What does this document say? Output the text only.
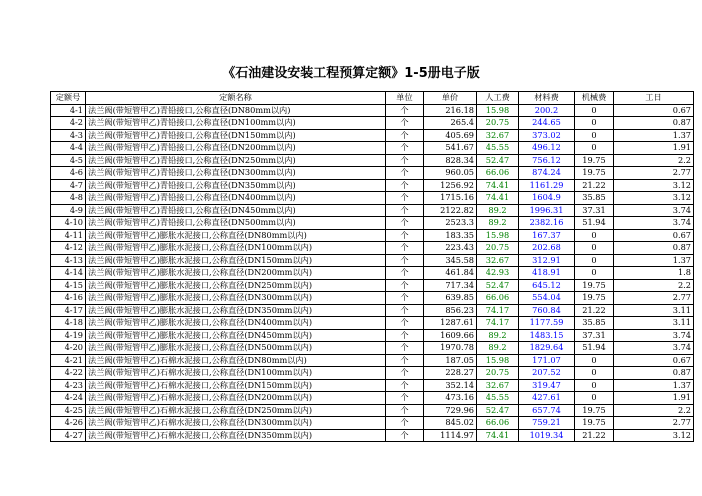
《石油建设安装工程预算定额》1-5册电子版
定额号	定额名称	单位	单价	人工费	材料费	机械费	工日
4-1	法兰阀(带短管甲乙)青铅接口,公称直径(DN80mm以内)	个	216.18	15.98	200.2	0	0.67
4-2	法兰阀(带短管甲乙)青铅接口,公称直径(DN100mm以内)	个	265.4	20.75	244.65	0	0.87
4-3	法兰阀(带短管甲乙)青铅接口,公称直径(DN150mm以内)	个	405.69	32.67	373.02	0	1.37
4-4	法兰阀(带短管甲乙)青铅接口,公称直径(DN200mm以内)	个	541.67	45.55	496.12	0	1.91
4-5	法兰阀(带短管甲乙)青铅接口,公称直径(DN250mm以内)	个	828.34	52.47	756.12	19.75	2.2
4-6	法兰阀(带短管甲乙)青铅接口,公称直径(DN300mm以内)	个	960.05	66.06	874.24	19.75	2.77
4-7	法兰阀(带短管甲乙)青铅接口,公称直径(DN350mm以内)	个	1256.92	74.41	1161.29	21.22	3.12
4-8	法兰阀(带短管甲乙)青铅接口,公称直径(DN400mm以内)	个	1715.16	74.41	1604.9	35.85	3.12
4-9	法兰阀(带短管甲乙)青铅接口,公称直径(DN450mm以内)	个	2122.82	89.2	1996.31	37.31	3.74
4-10	法兰阀(带短管甲乙)青铅接口,公称直径(DN500mm以内)	个	2523.3	89.2	2382.16	51.94	3.74
4-11	法兰阀(带短管甲乙)膨胀水泥接口,公称直径(DN80mm以内)	个	183.35	15.98	167.37	0	0.67
4-12	法兰阀(带短管甲乙)膨胀水泥接口,公称直径(DN100mm以内)	个	223.43	20.75	202.68	0	0.87
4-13	法兰阀(带短管甲乙)膨胀水泥接口,公称直径(DN150mm以内)	个	345.58	32.67	312.91	0	1.37
4-14	法兰阀(带短管甲乙)膨胀水泥接口,公称直径(DN200mm以内)	个	461.84	42.93	418.91	0	1.8
4-15	法兰阀(带短管甲乙)膨胀水泥接口,公称直径(DN250mm以内)	个	717.34	52.47	645.12	19.75	2.2
4-16	法兰阀(带短管甲乙)膨胀水泥接口,公称直径(DN300mm以内)	个	639.85	66.06	554.04	19.75	2.77
4-17	法兰阀(带短管甲乙)膨胀水泥接口,公称直径(DN350mm以内)	个	856.23	74.17	760.84	21.22	3.11
4-18	法兰阀(带短管甲乙)膨胀水泥接口,公称直径(DN400mm以内)	个	1287.61	74.17	1177.59	35.85	3.11
4-19	法兰阀(带短管甲乙)膨胀水泥接口,公称直径(DN450mm以内)	个	1609.66	89.2	1483.15	37.31	3.74
4-20	法兰阀(带短管甲乙)膨胀水泥接口,公称直径(DN500mm以内)	个	1970.78	89.2	1829.64	51.94	3.74
4-21	法兰阀(带短管甲乙)石棉水泥接口,公称直径(DN80mm以内)	个	187.05	15.98	171.07	0	0.67
4-22	法兰阀(带短管甲乙)石棉水泥接口,公称直径(DN100mm以内)	个	228.27	20.75	207.52	0	0.87
4-23	法兰阀(带短管甲乙)石棉水泥接口,公称直径(DN150mm以内)	个	352.14	32.67	319.47	0	1.37
4-24	法兰阀(带短管甲乙)石棉水泥接口,公称直径(DN200mm以内)	个	473.16	45.55	427.61	0	1.91
4-25	法兰阀(带短管甲乙)石棉水泥接口,公称直径(DN250mm以内)	个	729.96	52.47	657.74	19.75	2.2
4-26	法兰阀(带短管甲乙)石棉水泥接口,公称直径(DN300mm以内)	个	845.02	66.06	759.21	19.75	2.77
4-27	法兰阀(带短管甲乙)石棉水泥接口,公称直径(DN350mm以内)	个	1114.97	74.41	1019.34	21.22	3.12
